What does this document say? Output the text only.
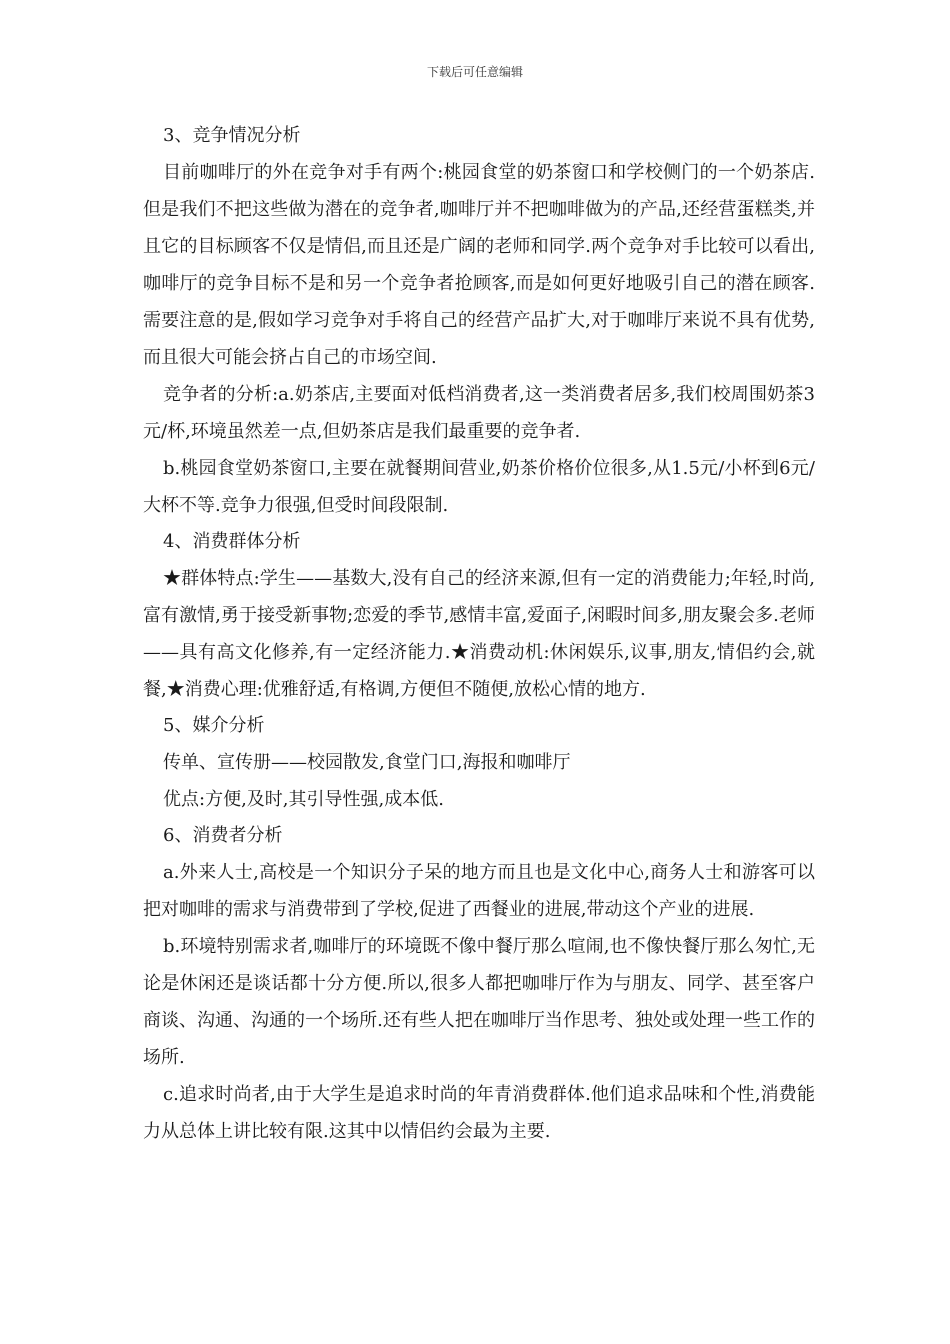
下载后可任意编辑

3、竞争情况分析

目前咖啡厅的外在竞争对手有两个:桃园食堂的奶茶窗口和学校侧门的一个奶茶店.但是我们不把这些做为潜在的竞争者,咖啡厅并不把咖啡做为的产品,还经营蛋糕类,并且它的目标顾客不仅是情侣,而且还是广阔的老师和同学.两个竞争对手比较可以看出,咖啡厅的竞争目标不是和另一个竞争者抢顾客,而是如何更好地吸引自己的潜在顾客.需要注意的是,假如学习竞争对手将自己的经营产品扩大,对于咖啡厅来说不具有优势,而且很大可能会挤占自己的市场空间.

竞争者的分析:a.奶茶店,主要面对低档消费者,这一类消费者居多,我们校周围奶茶3元/杯,环境虽然差一点,但奶茶店是我们最重要的竞争者.

b.桃园食堂奶茶窗口,主要在就餐期间营业,奶茶价格价位很多,从1.5元/小杯到6元/大杯不等.竞争力很强,但受时间段限制.

4、消费群体分析

★群体特点:学生——基数大,没有自己的经济来源,但有一定的消费能力;年轻,时尚,富有激情,勇于接受新事物;恋爱的季节,感情丰富,爱面子,闲暇时间多,朋友聚会多.老师——具有高文化修养,有一定经济能力.★消费动机:休闲娱乐,议事,朋友,情侣约会,就餐,★消费心理:优雅舒适,有格调,方便但不随便,放松心情的地方.

5、媒介分析

传单、宣传册——校园散发,食堂门口,海报和咖啡厅

优点:方便,及时,其引导性强,成本低.

6、消费者分析

a.外来人士,高校是一个知识分子呆的地方而且也是文化中心,商务人士和游客可以把对咖啡的需求与消费带到了学校,促进了西餐业的进展,带动这个产业的进展.

b.环境特别需求者,咖啡厅的环境既不像中餐厅那么喧闹,也不像快餐厅那么匆忙,无论是休闲还是谈话都十分方便.所以,很多人都把咖啡厅作为与朋友、同学、甚至客户商谈、沟通、沟通的一个场所.还有些人把在咖啡厅当作思考、独处或处理一些工作的场所.

c.追求时尚者,由于大学生是追求时尚的年青消费群体.他们追求品味和个性,消费能力从总体上讲比较有限.这其中以情侣约会最为主要.
